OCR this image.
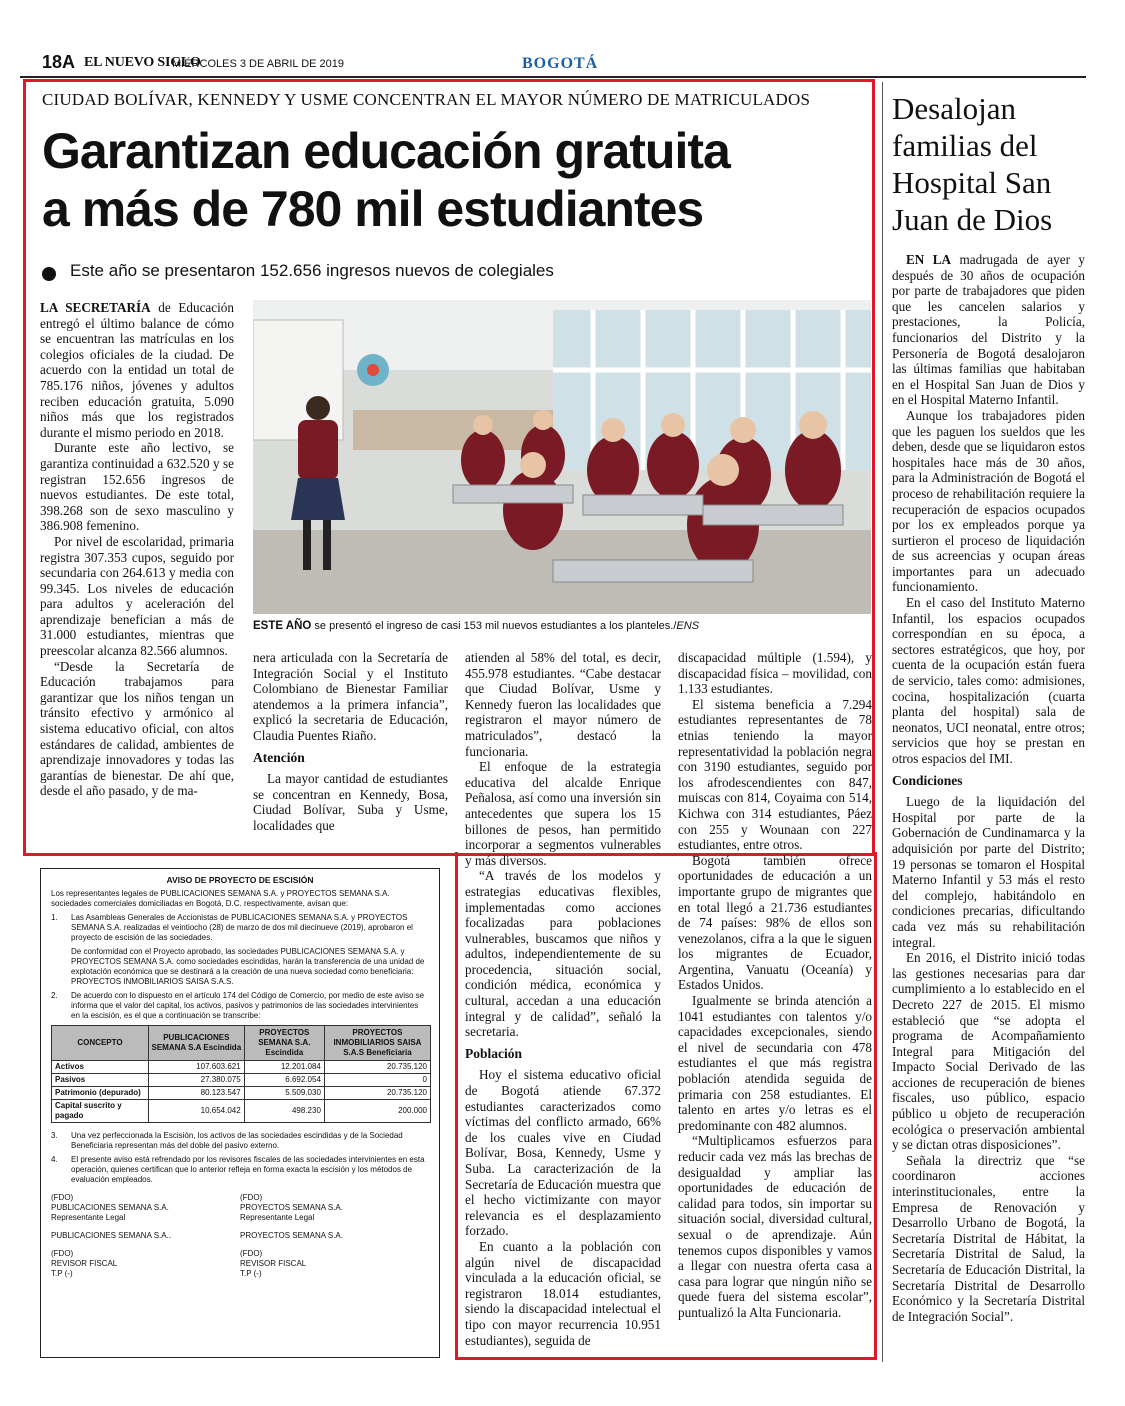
18A EL NUEVO SIGLO
MIÉRCOLES 3 DE ABRIL DE 2019	BOGOTÁ
CIUDAD BOLÍVAR, KENNEDY Y USME CONCENTRAN EL MAYOR NÚMERO DE MATRICULADOS
Garantizan educación gratuita
a más de 780 mil estudiantes
Este año se presentaron 152.656 ingresos nuevos de colegiales

LA SECRETARÍA de Educación entregó el último balance de cómo se encuentran las matrículas en los colegios oficiales de la ciudad. De acuerdo con la entidad un total de 785.176 niños, jóvenes y adultos reciben educación gratuita, 5.090 niños más que los registrados durante el mismo periodo en 2018.

Durante este año lectivo, se garantiza continuidad a 632.520 y se registran 152.656 ingresos de nuevos estudiantes. De este total, 398.268 son de sexo masculino y 386.908 femenino.

Por nivel de escolaridad, primaria registra 307.353 cupos, seguido por secundaria con 264.613 y media con 99.345. Los niveles de educación para adultos y aceleración del aprendizaje benefician a más de 31.000 estudiantes, mientras que preescolar alcanza 82.566 alumnos.

“Desde la Secretaría de Educación trabajamos para garantizar que los niños tengan un tránsito efectivo y armónico al sistema educativo oficial, con altos estándares de calidad, ambientes de aprendizaje innovadores y todas las garantías de bienestar. De ahí que, desde el año pasado, y de ma-

ESTE AÑO se presentó el ingreso de casi 153 mil nuevos estudiantes a los planteles./ENS

nera articulada con la Secretaría de Integración Social y el Instituto Colombiano de Bienestar Familiar atendemos a la primera infancia”, explicó la secretaria de Educación, Claudia Puentes Riaño.

Atención

La mayor cantidad de estudiantes se concentran en Kennedy, Bosa, Ciudad Bolívar, Suba y Usme, localidades que

atienden al 58% del total, es decir, 455.978 estudiantes. “Cabe destacar que Ciudad Bolívar, Usme y Kennedy fueron las localidades que registraron el mayor número de matriculados”, destacó la funcionaria.

El enfoque de la estrategia educativa del alcalde Enrique Peñalosa, así como una inversión sin antecedentes que supera los 15 billones de pesos, han permitido incorporar a segmentos vulnerables y más diversos.

“A través de los modelos y estrategias educativas flexibles, implementadas como acciones focalizadas para poblaciones vulnerables, buscamos que niños y adultos, independientemente de su procedencia, situación social, condición médica, económica y cultural, accedan a una educación integral y de calidad”, señaló la secretaria.

Población

Hoy el sistema educativo oficial de Bogotá atiende 67.372 estudiantes caracterizados como víctimas del conflicto armado, 66% de los cuales vive en Ciudad Bolívar, Bosa, Kennedy, Usme y Suba. La caracterización de la Secretaría de Educación muestra que el hecho victimizante con mayor relevancia es el desplazamiento forzado.

En cuanto a la población con algún nivel de discapacidad vinculada a la educación oficial, se registraron 18.014 estudiantes, siendo la discapacidad intelectual el tipo con mayor recurrencia 10.951 estudiantes), seguida de

discapacidad múltiple (1.594), y discapacidad física – movilidad, con 1.133 estudiantes.

El sistema beneficia a 7.294 estudiantes representantes de 78 etnias teniendo la mayor representatividad la población negra con 3190 estudiantes, seguido por los afrodescendientes con 847, muiscas con 814, Coyaima con 514, Kichwa con 314 estudiantes, Páez con 255 y Wounaan con 227 estudiantes, entre otros.

Bogotá también ofrece oportunidades de educación a un importante grupo de migrantes que en total llegó a 21.736 estudiantes de 74 países: 98% de ellos son venezolanos, cifra a la que le siguen los migrantes de Ecuador, Argentina, Vanuatu (Oceanía) y Estados Unidos.

Igualmente se brinda atención a 1041 estudiantes con talentos y/o capacidades excepcionales, siendo el nivel de secundaria con 478 estudiantes el que más registra población atendida seguida de primaria con 258 estudiantes. El talento en artes y/o letras es el predominante con 482 alumnos.

“Multiplicamos esfuerzos para reducir cada vez más las brechas de desigualdad y ampliar las oportunidades de educación de calidad para todos, sin importar su situación social, diversidad cultural, sexual o de aprendizaje. Aún tenemos cupos disponibles y vamos a llegar con nuestra oferta casa a casa para lograr que ningún niño se quede fuera del sistema escolar”, puntualizó la Alta Funcionaria.

Desalojan familias del Hospital San Juan de Dios

EN LA madrugada de ayer y después de 30 años de ocupación por parte de trabajadores que piden que les cancelen salarios y prestaciones, la Policía, funcionarios del Distrito y la Personería de Bogotá desalojaron las últimas familias que habitaban en el Hospital San Juan de Dios y en el Hospital Materno Infantil.

Aunque los trabajadores piden que les paguen los sueldos que les deben, desde que se liquidaron estos hospitales hace más de 30 años, para la Administración de Bogotá el proceso de rehabilitación requiere la recuperación de espacios ocupados por los ex empleados porque ya surtieron el proceso de liquidación de sus acreencias y ocupan áreas importantes para un adecuado funcionamiento.

En el caso del Instituto Materno Infantil, los espacios ocupados correspondían en su época, a sectores estratégicos, que hoy, por cuenta de la ocupación están fuera de servicio, tales como: admisiones, cocina, hospitalización (cuarta planta del hospital) sala de neonatos, UCI neonatal, entre otros; servicios que hoy se prestan en otros espacios del IMI.

Condiciones

Luego de la liquidación del Hospital por parte de la Gobernación de Cundinamarca y la adquisición por parte del Distrito; 19 personas se tomaron el Hospital Materno Infantil y 53 más el resto del complejo, habitándolo en condiciones precarias, dificultando cada vez más su rehabilitación integral.

En 2016, el Distrito inició todas las gestiones necesarias para dar cumplimiento a lo establecido en el Decreto 227 de 2015. El mismo estableció que “se adopta el programa de Acompañamiento Integral para Mitigación del Impacto Social Derivado de las acciones de recuperación de bienes fiscales, uso público, espacio público u objeto de recuperación ecológica o preservación ambiental y se dictan otras disposiciones”.

Señala la directriz que “se coordinaron acciones interinstitucionales, entre la Empresa de Renovación y Desarrollo Urbano de Bogotá, la Secretaría Distrital de Hábitat, la Secretaría Distrital de Salud, la Secretaría de Educación Distrital, la Secretaría Distrital de Desarrollo Económico y la Secretaría Distrital de Integración Social”.

AVISO DE PROYECTO DE ESCISIÓN

Los representantes legales de PUBLICACIONES SEMANA S.A. y PROYECTOS SEMANA S.A. sociedades comerciales domiciliadas en Bogotá, D.C. respectivamente, avisan que:

1.	Las Asambleas Generales de Accionistas de PUBLICACIONES SEMANA S.A. y PROYECTOS SEMANA S.A. realizadas el veintiocho (28) de marzo de dos mil diecinueve (2019), aprobaron el proyecto de escisión de las sociedades.
De conformidad con el Proyecto aprobado, las sociedades PUBLICACIONES SEMANA S.A. y PROYECTOS SEMANA S.A. como sociedades escindidas, harán la transferencia de una unidad de explotación económica que se destinará a la creación de una nueva sociedad como beneficiaria: PROYECTOS INMOBILIARIOS SAISA S.A.S.
2.	De acuerdo con lo dispuesto en el artículo 174 del Código de Comercio, por medio de este aviso se informa que el valor del capital, los activos, pasivos y patrimonios de las sociedades intervinientes en la escisión, es el que a continuación se transcribe:
CONCEPTO	PUBLICACIONES SEMANA S.A Escindida	PROYECTOS SEMANA S.A. Escindida	PROYECTOS INMOBILIARIOS SAISA S.A.S Beneficiaria
Activos	107.603.621	12.201.084	20.735.120
Pasivos	27.380.075	6.692.054	0
Patrimonio (depurado)	80.123.547	5.509.030	20.735.120
Capital suscrito y pagado	10.654.042	498.230	200.000
3.	Una vez perfeccionada la Escisión, los activos de las sociedades escindidas y de la Sociedad Beneficiaria representan más del doble del pasivo externo.
4.	El presente aviso está refrendado por los revisores fiscales de las sociedades intervinientes en esta operación, quienes certifican que lo anterior refleja en forma exacta la escisión y los métodos de evaluación empleados.
(FDO)
PUBLICACIONES SEMANA S.A.
Representante Legal
(FDO)
PROYECTOS SEMANA S.A.
Representante Legal
PUBLICACIONES SEMANA S.A..	PROYECTOS SEMANA S.A.
(FDO)
REVISOR FISCAL
T.P (-)
(FDO)
REVISOR FISCAL
T.P (-)
